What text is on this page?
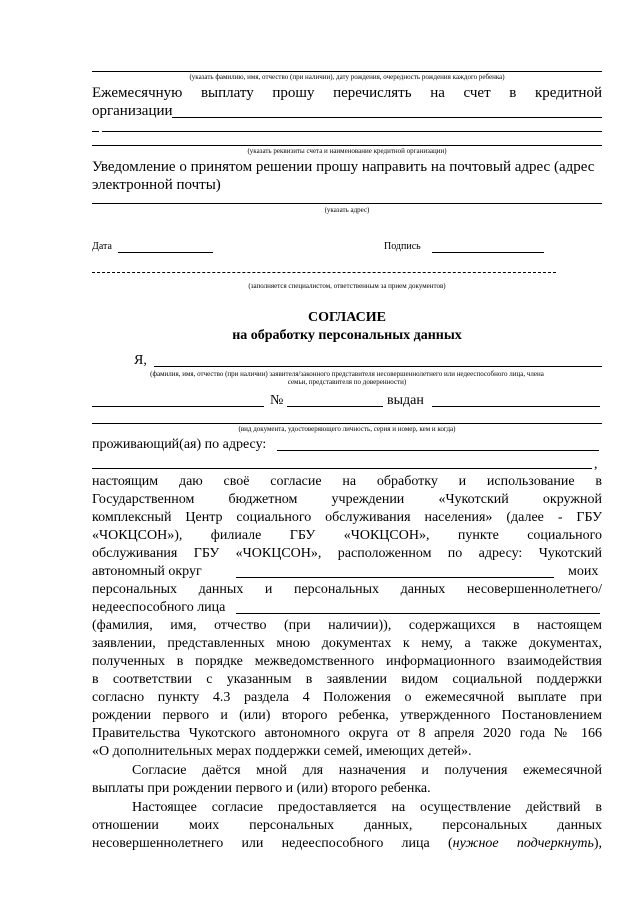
(указать фамилию, имя, отчество (при наличии), дату рождения, очередность рождения каждого ребенка)
Ежемесячную выплату прошу перечислять на счет в кредитной
организации
(указать реквизиты счета и наименование кредитной организации)
Уведомление о принятом решении прошу направить на почтовый адрес (адрес
электронной почты)
(указать адрес)
Дата	Подпись
(заполняется специалистом, ответственным за прием документов)
СОГЛАСИЕ
на обработку персональных данных
Я,
(фамилия, имя, отчество (при наличии) заявителя/законного представителя несовершеннолетнего или недееспособного лица, члена
семьи, представителя по доверенности)
№	выдан
(вид документа, удостоверяющего личность, серия и номер, кем и когда)
проживающий(ая) по адресу:
,
настоящим даю своё согласие на обработку и использование в
Государственном бюджетном учреждении «Чукотский окружной
комплексный Центр социального обслуживания населения» (далее - ГБУ
«ЧОКЦСОН»), филиале ГБУ «ЧОКЦСОН», пункте социального
обслуживания ГБУ «ЧОКЦСОН», расположенном по адресу: Чукотский
автономный округ	моих
персональных данных и персональных данных несовершеннолетнего/
недееспособного лица
(фамилия, имя, отчество (при наличии)), содержащихся в настоящем
заявлении, представленных мною документах к нему, а также документах,
полученных в порядке межведомственного информационного взаимодействия
в соответствии с указанным в заявлении видом социальной поддержки
согласно пункту 4.3 раздела 4 Положения о ежемесячной выплате при
рождении первого и (или) второго ребенка, утвержденного Постановлением
Правительства Чукотского автономного округа от 8 апреля 2020 года № 166
«О дополнительных мерах поддержки семей, имеющих детей».
Согласие даётся мной для назначения и получения ежемесячной
выплаты при рождении первого и (или) второго ребенка.
Настоящее согласие предоставляется на осуществление действий в
отношении моих персональных данных, персональных данных
несовершеннолетнего или недееспособного лица (нужное подчеркнуть),
